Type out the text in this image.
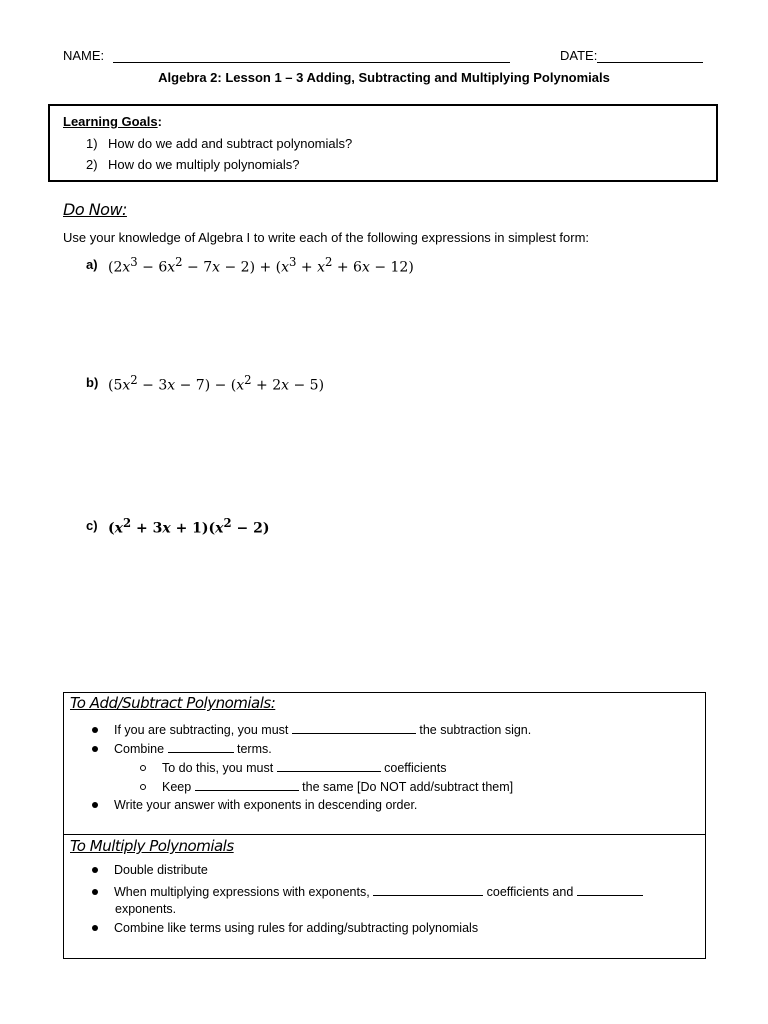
NAME:	DATE:
Algebra 2: Lesson 1 – 3 Adding, Subtracting and Multiplying Polynomials
Learning Goals:
1) How do we add and subtract polynomials?
2) How do we multiply polynomials?
Do Now:
Use your knowledge of Algebra I to write each of the following expressions in simplest form:
a) $(2x^3 - 6x^2 - 7x - 2) + (x^3 + x^2 + 6x - 12)$
b) $(5x^2 - 3x - 7) - (x^2 + 2x - 5)$
c) $(x^2 + 3x + 1)(x^2 - 2)$
To Add/Subtract Polynomials:
If you are subtracting, you must	the subtraction sign.
Combine	terms.
To do this, you must	coefficients
Keep	the same [Do NOT add/subtract them]
Write your answer with exponents in descending order.
To Multiply Polynomials
Double distribute
When multiplying expressions with exponents,	coefficients and
exponents.
Combine like terms using rules for adding/subtracting polynomials
